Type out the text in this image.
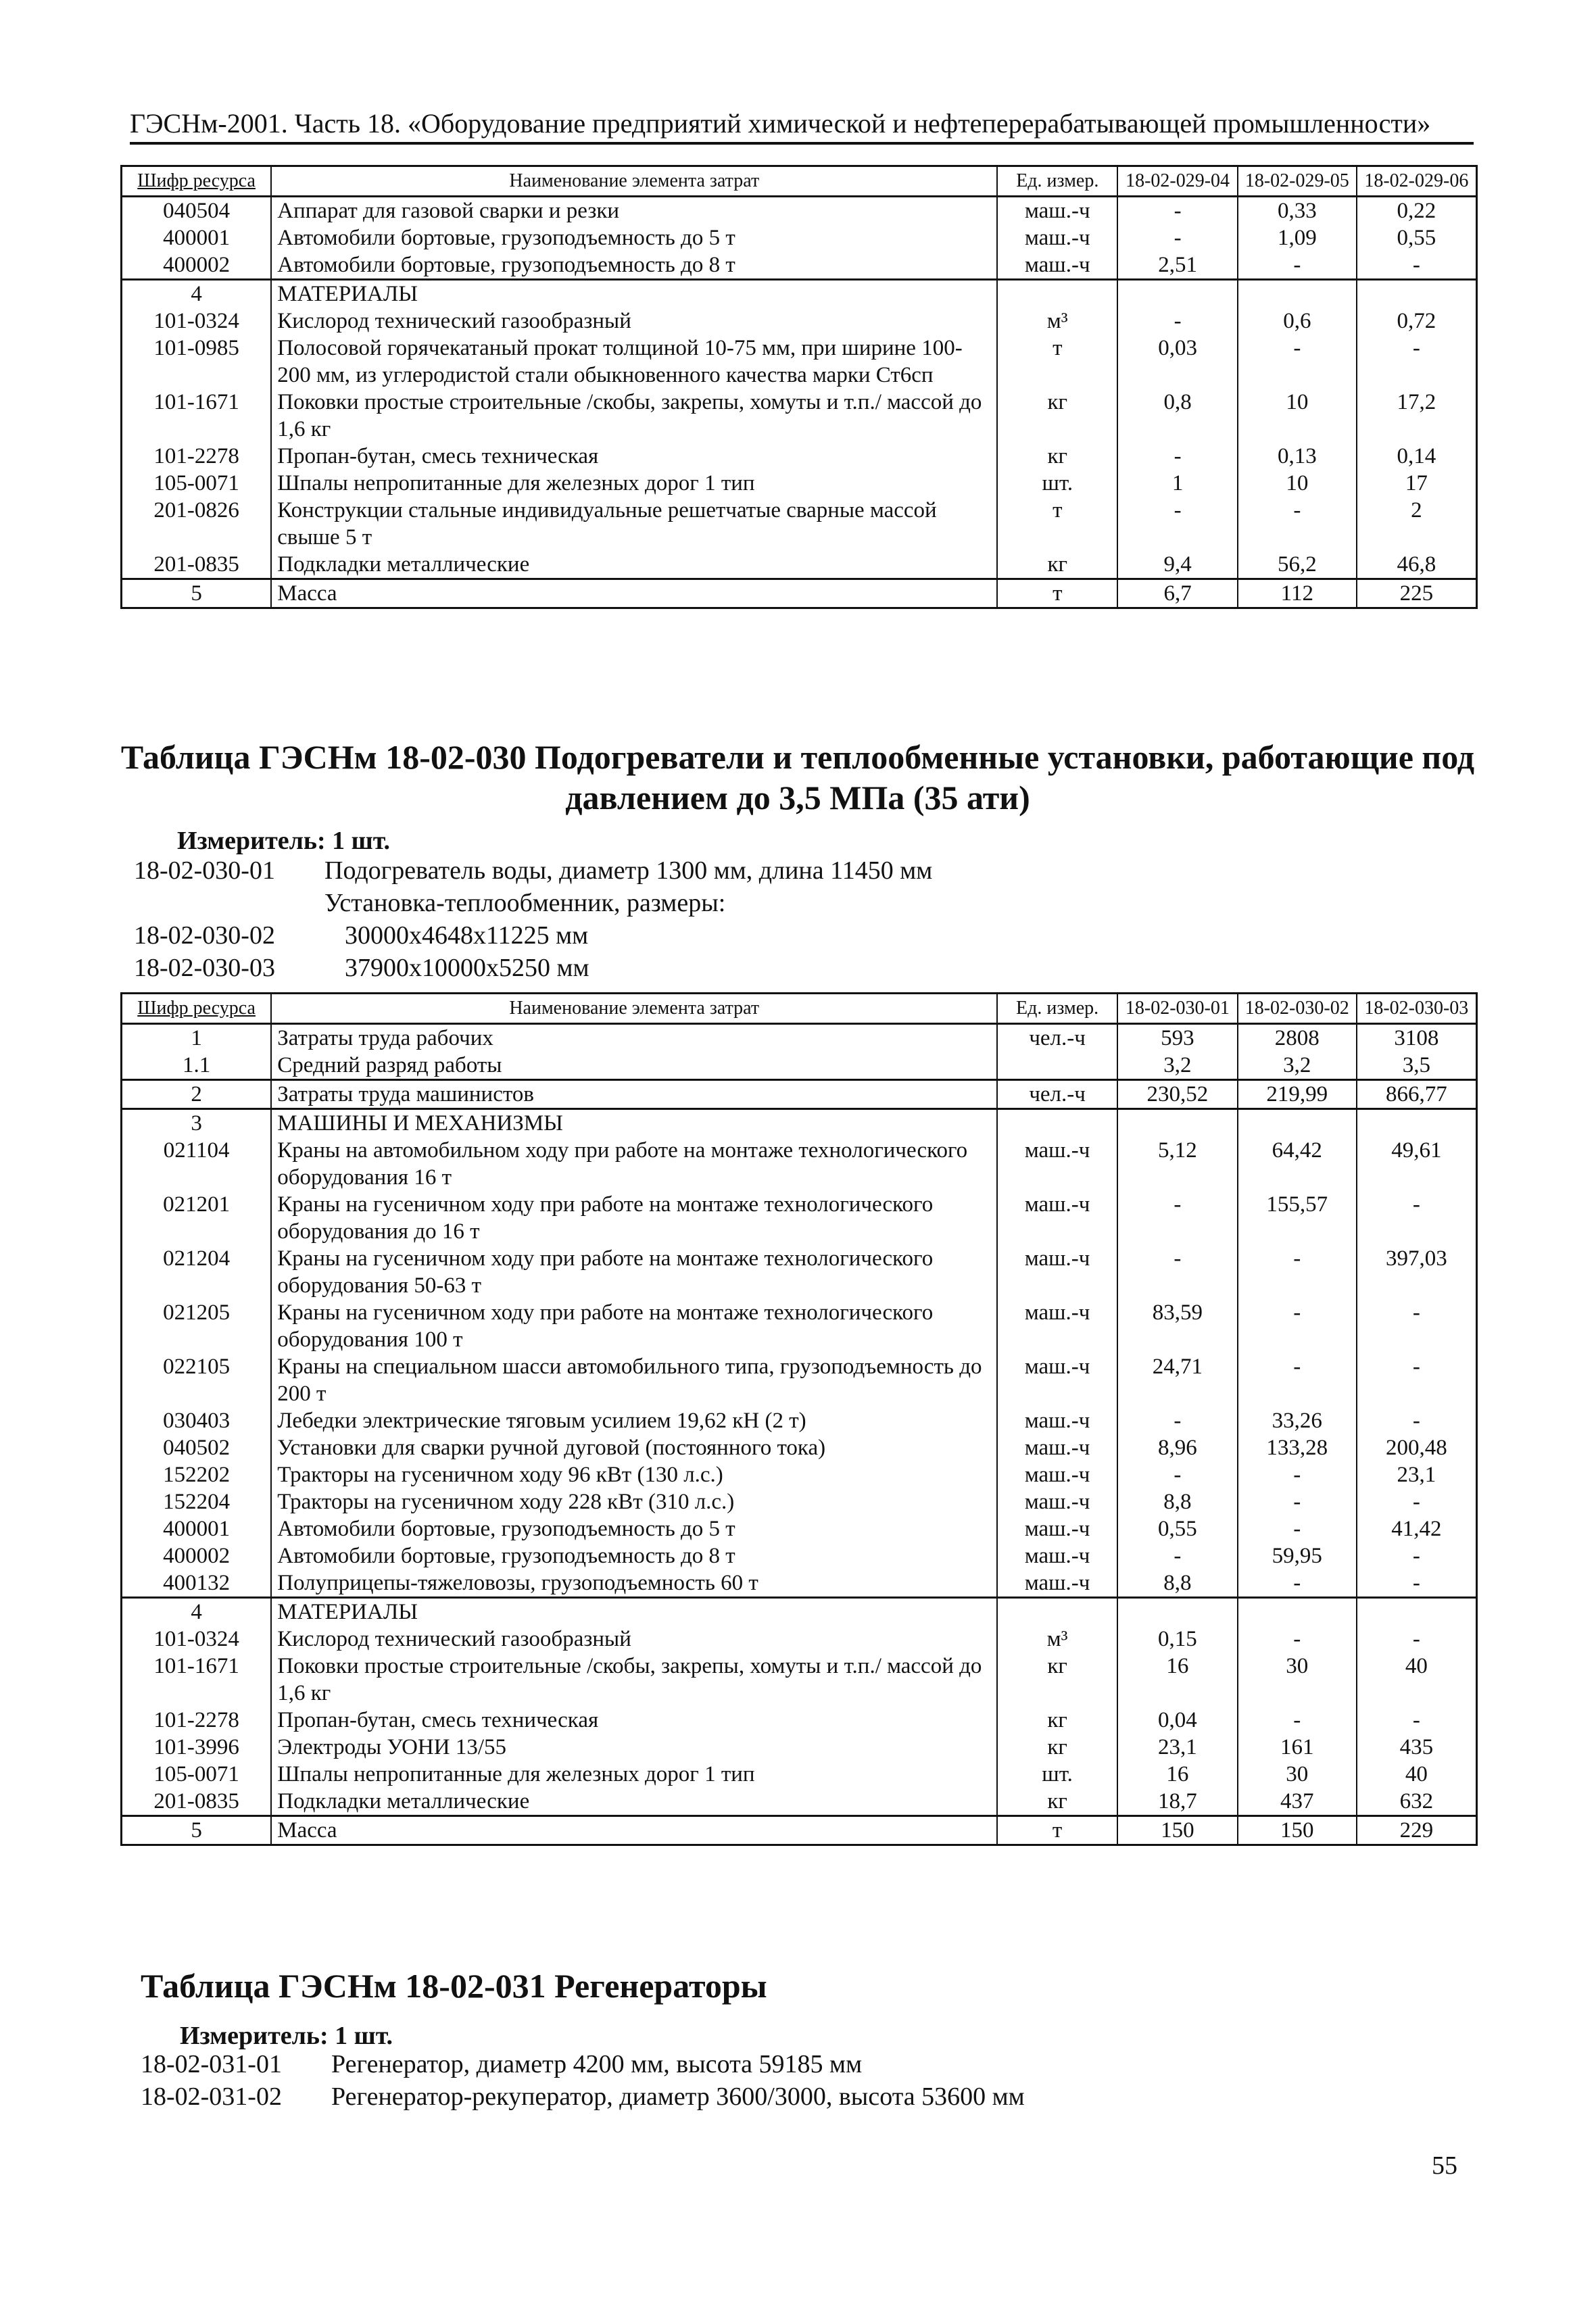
ГЭСНм-2001. Часть 18. «Оборудование предприятий химической и нефтеперерабатывающей промышленности»
Шифр ресурса	Наименование элемента затрат	Ед. измер.	18-02-029-04	18-02-029-05	18-02-029-06
040504	Аппарат для газовой сварки и резки	маш.-ч	-	0,33	0,22
400001	Автомобили бортовые, грузоподъемность до 5 т	маш.-ч	-	1,09	0,55
400002	Автомобили бортовые, грузоподъемность до 8 т	маш.-ч	2,51	-	-
4	МАТЕРИАЛЫ				
101-0324	Кислород технический газообразный	м³	-	0,6	0,72
101-0985	Полосовой горячекатаный прокат толщиной 10-75 мм, при ширине 100-200 мм, из углеродистой стали обыкновенного качества марки Ст6сп	т	0,03	-	-
101-1671	Поковки простые строительные /скобы, закрепы, хомуты и т.п./ массой до 1,6 кг	кг	0,8	10	17,2
101-2278	Пропан-бутан, смесь техническая	кг	-	0,13	0,14
105-0071	Шпалы непропитанные для железных дорог 1 тип	шт.	1	10	17
201-0826	Конструкции стальные индивидуальные решетчатые сварные массой свыше 5 т	т	-	-	2
201-0835	Подкладки металлические	кг	9,4	56,2	46,8
5	Масса	т	6,7	112	225
Таблица ГЭСНм 18-02-030 Подогреватели и теплообменные установки, работающие под давлением до 3,5 МПа (35 ати)
Измеритель: 1 шт.
18-02-030-01 Подогреватель воды, диаметр 1300 мм, длина 11450 мм
Установка-теплообменник, размеры:
18-02-030-02	30000x4648x11225 мм
18-02-030-03	37900x10000x5250 мм
Шифр ресурса	Наименование элемента затрат	Ед. измер.	18-02-030-01	18-02-030-02	18-02-030-03
1	Затраты труда рабочих	чел.-ч	593	2808	3108
1.1	Средний разряд работы		3,2	3,2	3,5
2	Затраты труда машинистов	чел.-ч	230,52	219,99	866,77
3	МАШИНЫ И МЕХАНИЗМЫ				
021104	Краны на автомобильном ходу при работе на монтаже технологического оборудования 16 т	маш.-ч	5,12	64,42	49,61
021201	Краны на гусеничном ходу при работе на монтаже технологического оборудования до 16 т	маш.-ч	-	155,57	-
021204	Краны на гусеничном ходу при работе на монтаже технологического оборудования 50-63 т	маш.-ч	-	-	397,03
021205	Краны на гусеничном ходу при работе на монтаже технологического оборудования 100 т	маш.-ч	83,59	-	-
022105	Краны на специальном шасси автомобильного типа, грузоподъемность до 200 т	маш.-ч	24,71	-	-
030403	Лебедки электрические тяговым усилием 19,62 кН (2 т)	маш.-ч	-	33,26	-
040502	Установки для сварки ручной дуговой (постоянного тока)	маш.-ч	8,96	133,28	200,48
152202	Тракторы на гусеничном ходу 96 кВт (130 л.с.)	маш.-ч	-	-	23,1
152204	Тракторы на гусеничном ходу 228 кВт (310 л.с.)	маш.-ч	8,8	-	-
400001	Автомобили бортовые, грузоподъемность до 5 т	маш.-ч	0,55	-	41,42
400002	Автомобили бортовые, грузоподъемность до 8 т	маш.-ч	-	59,95	-
400132	Полуприцепы-тяжеловозы, грузоподъемность 60 т	маш.-ч	8,8	-	-
4	МАТЕРИАЛЫ				
101-0324	Кислород технический газообразный	м³	0,15	-	-
101-1671	Поковки простые строительные /скобы, закрепы, хомуты и т.п./ массой до 1,6 кг	кг	16	30	40
101-2278	Пропан-бутан, смесь техническая	кг	0,04	-	-
101-3996	Электроды УОНИ 13/55	кг	23,1	161	435
105-0071	Шпалы непропитанные для железных дорог 1 тип	шт.	16	30	40
201-0835	Подкладки металлические	кг	18,7	437	632
5	Масса	т	150	150	229
Таблица ГЭСНм 18-02-031 Регенераторы
Измеритель: 1 шт.
18-02-031-01 Регенератор, диаметр 4200 мм, высота 59185 мм
18-02-031-02 Регенератор-рекуператор, диаметр 3600/3000, высота 53600 мм
55
